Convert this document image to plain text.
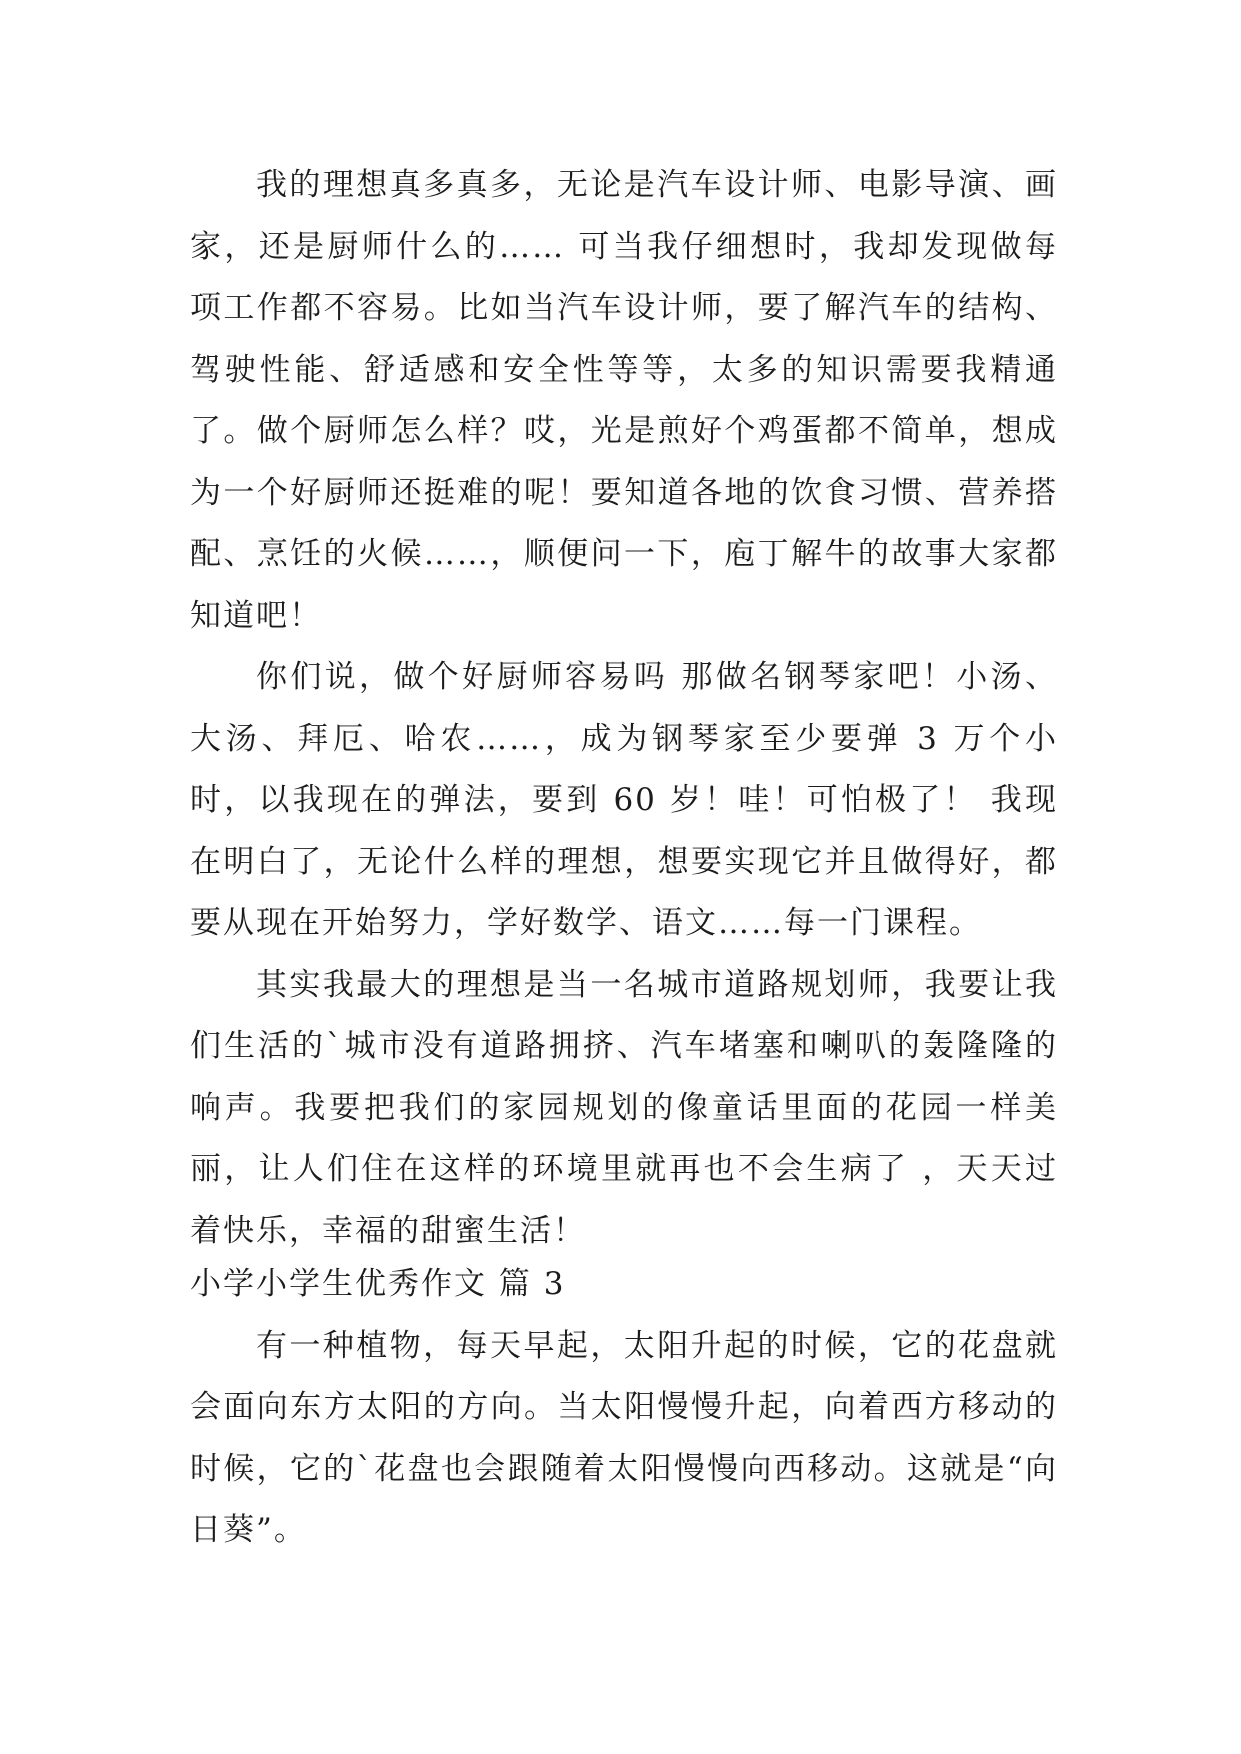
我的理想真多真多，无论是汽车设计师、电影导演、画家，还是厨师什么的…… 可当我仔细想时，我却发现做每项工作都不容易。比如当汽车设计师，要了解汽车的结构、驾驶性能、舒适感和安全性等等，太多的知识需要我精通了。做个厨师怎么样？哎，光是煎好个鸡蛋都不简单，想成为一个好厨师还挺难的呢！要知道各地的饮食习惯、营养搭配、烹饪的火候……，顺便问一下，庖丁解牛的故事大家都知道吧！

你们说，做个好厨师容易吗 那做名钢琴家吧！小汤、大汤、拜厄、哈农……，成为钢琴家至少要弹 3 万个小时，以我现在的弹法，要到 60 岁！哇！可怕极了！ 我现在明白了，无论什么样的理想，想要实现它并且做得好，都要从现在开始努力，学好数学、语文……每一门课程。

其实我最大的理想是当一名城市道路规划师，我要让我们生活的`城市没有道路拥挤、汽车堵塞和喇叭的轰隆隆的响声。我要把我们的家园规划的像童话里面的花园一样美丽，让人们住在这样的环境里就再也不会生病了 ，天天过着快乐，幸福的甜蜜生活！

小学小学生优秀作文 篇 3

有一种植物，每天早起，太阳升起的时候，它的花盘就会面向东方太阳的方向。当太阳慢慢升起，向着西方移动的时候，它的`花盘也会跟随着太阳慢慢向西移动。这就是“向日葵”。
